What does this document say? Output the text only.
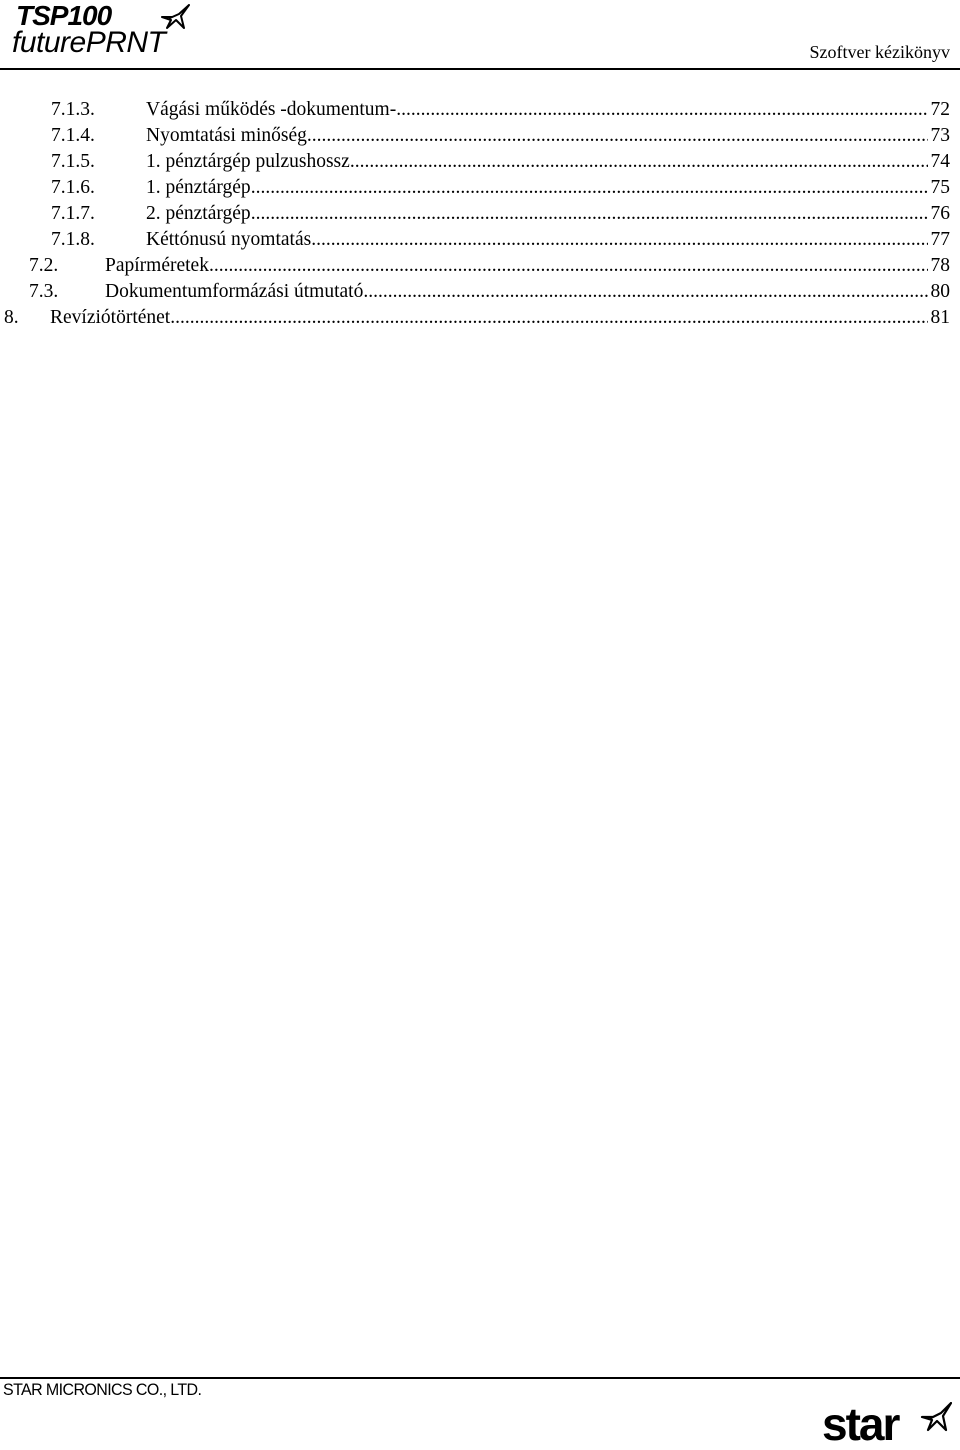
TSP100
futurePRNT	Szoftver kézikönyv
7.1.3.	Vágási működés -dokumentum- .....	72
7.1.4.	Nyomtatási minőség .....	73
7.1.5.	1. pénztárgép pulzushossz .....	74
7.1.6.	1. pénztárgép .....	75
7.1.7.	2. pénztárgép .....	76
7.1.8.	Kéttónusú nyomtatás .....	77
7.2.	Papírméretek .....	78
7.3.	Dokumentumformázási útmutató .....	80
8.	Revíziótörténet .....	81
STAR MICRONICS CO., LTD.
star
